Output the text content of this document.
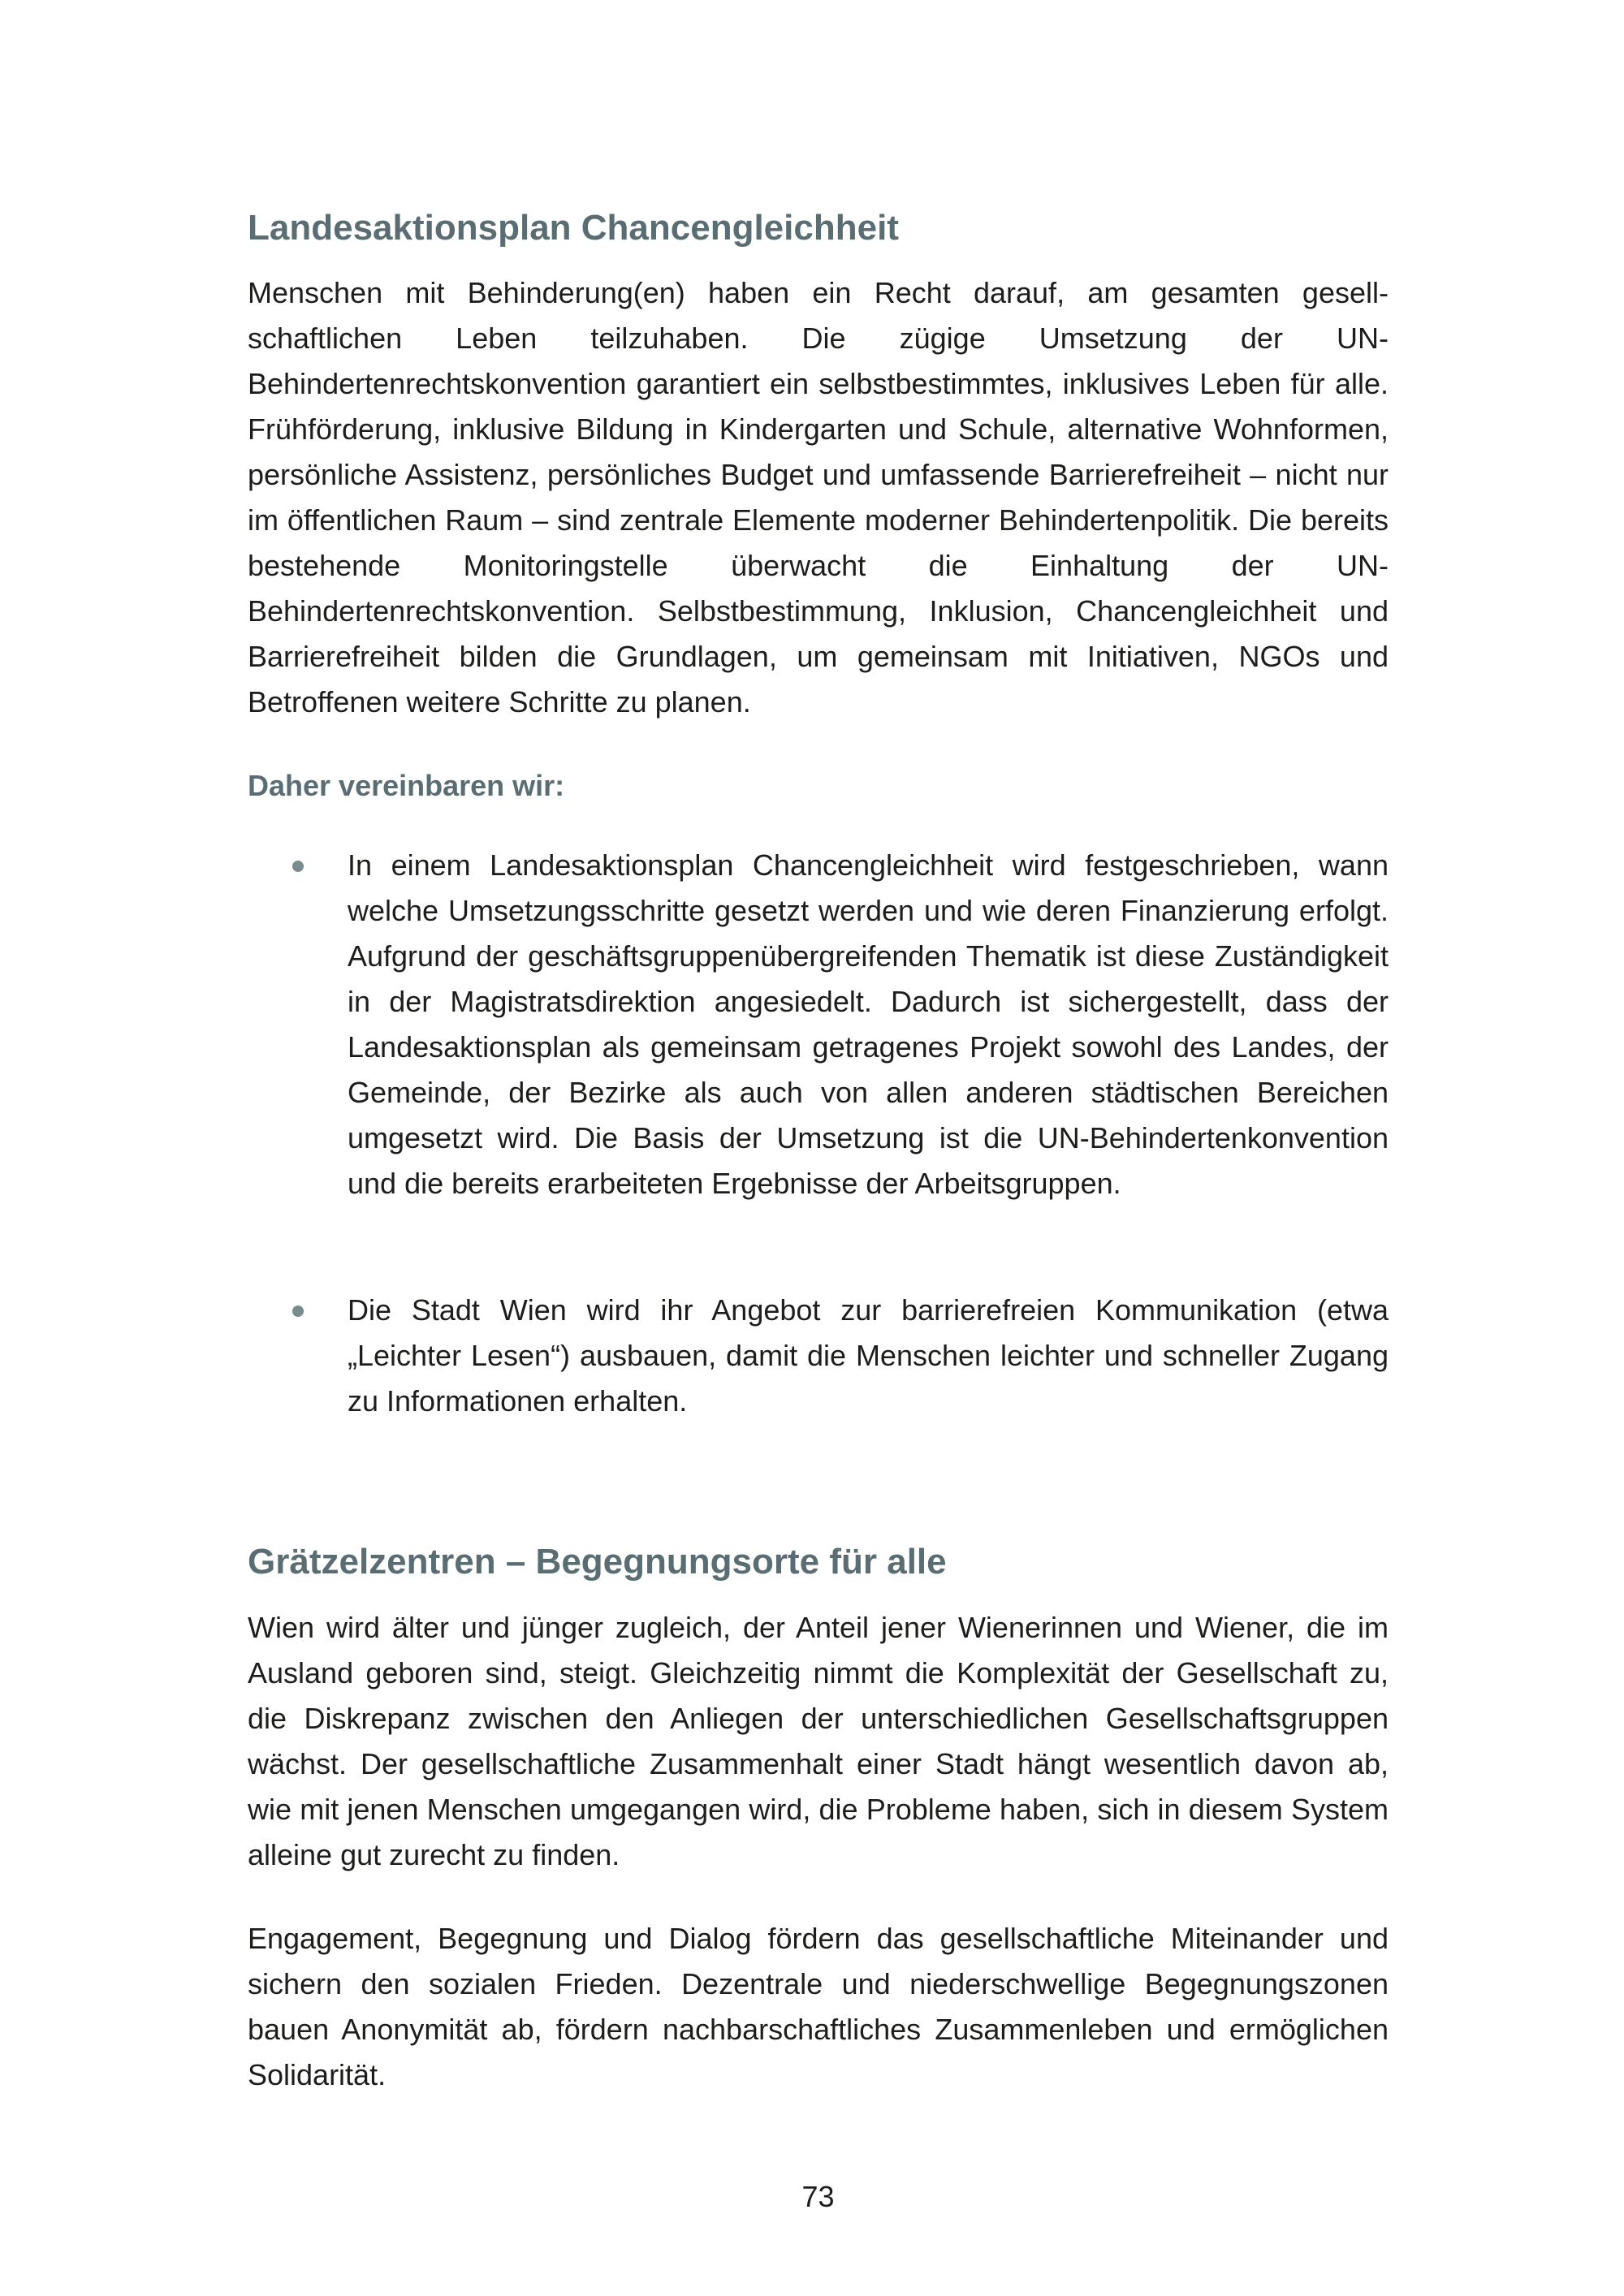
Landesaktionsplan Chancengleichheit

Menschen mit Behinderung(en) haben ein Recht darauf, am gesamten gesellschaftlichen Leben teilzuhaben. Die zügige Umsetzung der UN-Behindertenrechtskonvention garantiert ein selbstbestimmtes, inklusives Leben für alle. Frühförderung, inklusive Bildung in Kindergarten und Schule, alternative Wohnformen, persönliche Assistenz, persönliches Budget und umfassende Barrierefreiheit – nicht nur im öffentlichen Raum – sind zentrale Elemente moderner Behindertenpolitik. Die bereits bestehende Monitoringstelle überwacht die Einhaltung der UN-Behindertenrechtskonvention. Selbstbestimmung, Inklusion, Chancengleichheit und Barrierefreiheit bilden die Grundlagen, um gemeinsam mit Initiativen, NGOs und Betroffenen weitere Schritte zu planen.

Daher vereinbaren wir:

In einem Landesaktionsplan Chancengleichheit wird festgeschrieben, wann welche Umsetzungsschritte gesetzt werden und wie deren Finanzierung erfolgt. Aufgrund der geschäftsgruppenübergreifenden Thematik ist diese Zuständigkeit in der Magistratsdirektion angesiedelt. Dadurch ist sichergestellt, dass der Landesaktionsplan als gemeinsam getragenes Projekt sowohl des Landes, der Gemeinde, der Bezirke als auch von allen anderen städtischen Bereichen umgesetzt wird. Die Basis der Umsetzung ist die UN-Behindertenkonvention und die bereits erarbeiteten Ergebnisse der Arbeitsgruppen.

Die Stadt Wien wird ihr Angebot zur barrierefreien Kommunikation (etwa „Leichter Lesen“) ausbauen, damit die Menschen leichter und schneller Zugang zu Informationen erhalten.

Grätzelzentren – Begegnungsorte für alle

Wien wird älter und jünger zugleich, der Anteil jener Wienerinnen und Wiener, die im Ausland geboren sind, steigt. Gleichzeitig nimmt die Komplexität der Gesellschaft zu, die Diskrepanz zwischen den Anliegen der unterschiedlichen Gesellschaftsgruppen wächst. Der gesellschaftliche Zusammenhalt einer Stadt hängt wesentlich davon ab, wie mit jenen Menschen umgegangen wird, die Probleme haben, sich in diesem System alleine gut zurecht zu finden.

Engagement, Begegnung und Dialog fördern das gesellschaftliche Miteinander und sichern den sozialen Frieden. Dezentrale und niederschwellige Begegnungszonen bauen Anonymität ab, fördern nachbarschaftliches Zusammenleben und ermöglichen Solidarität.

73
